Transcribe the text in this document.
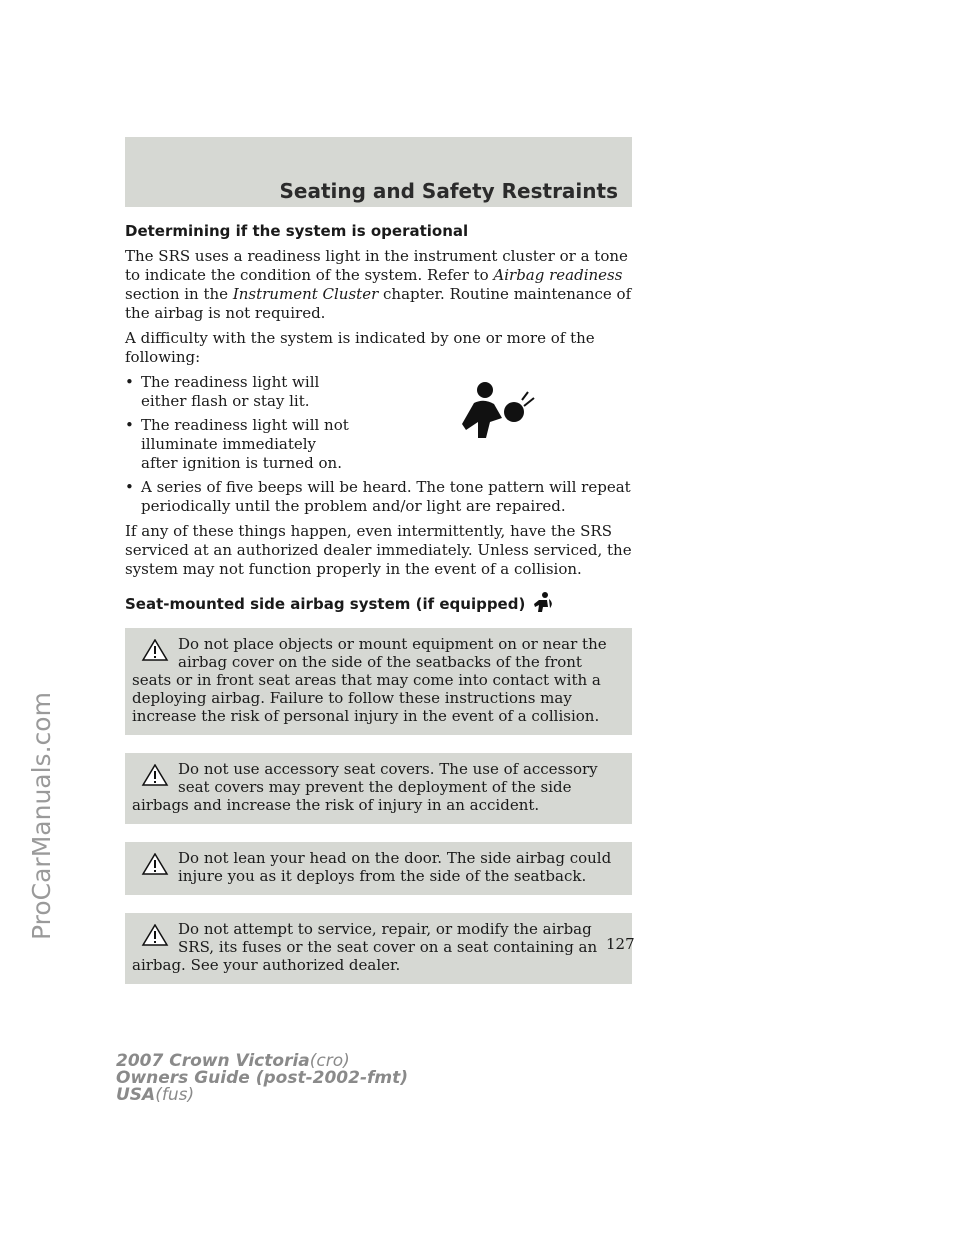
Seating and Safety Restraints

Determining if the system is operational

The SRS uses a readiness light in the instrument cluster or a tone to indicate the condition of the system. Refer to Airbag readiness section in the Instrument Cluster chapter. Routine maintenance of the airbag is not required.

A difficulty with the system is indicated by one or more of the following:

• The readiness light will either flash or stay lit.
• The readiness light will not illuminate immediately after ignition is turned on.
• A series of five beeps will be heard. The tone pattern will repeat periodically until the problem and/or light are repaired.

If any of these things happen, even intermittently, have the SRS serviced at an authorized dealer immediately. Unless serviced, the system may not function properly in the event of a collision.

Seat-mounted side airbag system (if equipped)

Do not place objects or mount equipment on or near the airbag cover on the side of the seatbacks of the front seats or in front seat areas that may come into contact with a deploying airbag. Failure to follow these instructions may increase the risk of personal injury in the event of a collision.

Do not use accessory seat covers. The use of accessory seat covers may prevent the deployment of the side airbags and increase the risk of injury in an accident.

Do not lean your head on the door. The side airbag could injure you as it deploys from the side of the seatback.

Do not attempt to service, repair, or modify the airbag SRS, its fuses or the seat cover on a seat containing an airbag. See your authorized dealer.

127
2007 Crown Victoria(cro)
Owners Guide (post-2002-fmt)
USA(fus)
ProCarManuals.com
